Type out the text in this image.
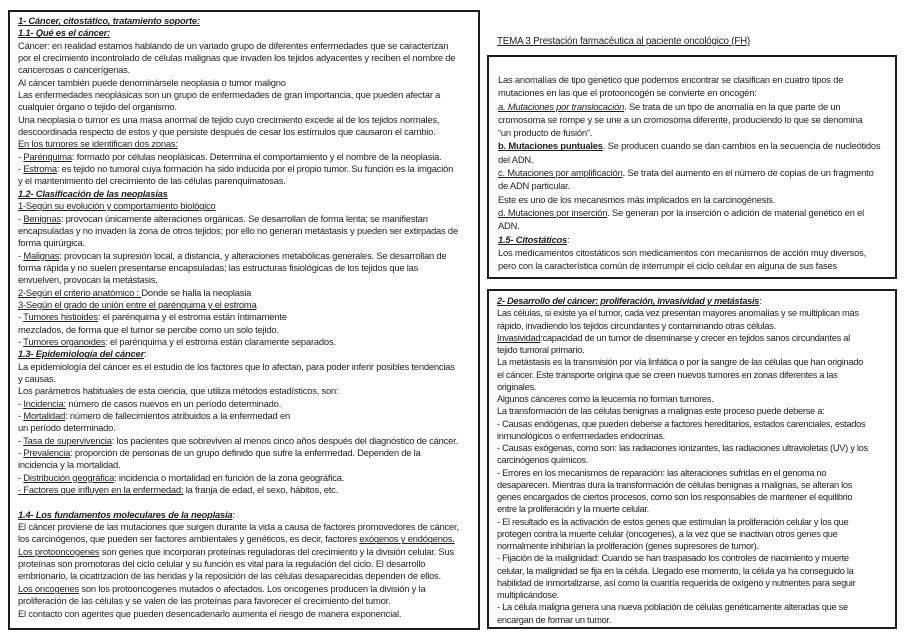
1- Cáncer, citostático, tratamiento soporte:
1.1- Qué es el cáncer:
Cáncer: en realidad estamos hablando de un variado grupo de diferentes enfermedades que se caracterizan
por el crecimiento incontrolado de células malignas que invaden los tejidos adyacentes y reciben el nombre de
cancerosas o cancerígenas.
Al cáncer también puede denominársele neoplasia o tumor maligno
Las enfermedades neoplásicas son un grupo de enfermedades de gran importancia, que pueden afectar a
cualquier órgano o tejido del organismo.
Una neoplasia o tumor es una masa anormal de tejido cuyo crecimiento excede al de los tejidos normales,
descoordinada respecto de estos y que persiste después de cesar los estímulos que causaron el cambio.
En los tumores se identifican dos zonas:
- Parénquima: formado por células neoplásicas. Determina el comportamiento y el nombre de la neoplasia.
- Estroma: es tejido no tumoral cuya formación ha sido inducida por el propio tumor. Su función es la irrigación
y el mantenimiento del crecimiento de las células parenquimatosas.
1.2- Clasificación de las neoplasias
1-Según su evolución y comportamiento biológico
- Benignas: provocan únicamente alteraciones orgánicas. Se desarrollan de forma lenta; se manifiestan
encapsuladas y no invaden la zona de otros tejidos; por ello no generan metástasis y pueden ser extirpadas de
forma quirúrgica.
- Malignas: provocan la supresión local, a distancia, y alteraciones metabólicas generales. Se desarrollan de
forma rápida y no suelen presentarse encapsuladas; las estructuras fisiológicas de los tejidos que las
envuelven, provocan la metástasis.
2-Según el criterio anatómico : Donde se halla la neoplasia
3-Según el grado de unión entre el parénquima y el estroma
- Tumores histioides: el parénquima y el estroma están íntimamente
mezclados, de forma que el tumor se percibe como un solo tejido.
- Tumores organoides: el parénquima y el estroma están claramente separados.
1.3- Epidemiología del cáncer:
La epidemiología del cáncer es el estudio de los factores que lo afectan, para poder inferir posibles tendencias
y causas.
Los parámetros habituales de esta ciencia, que utiliza métodos estadísticos, son:
- Incidencia: número de casos nuevos en un período determinado.
- Mortalidad: número de fallecimientos atribuidos a la enfermedad en
un período determinado.
- Tasa de supervivencia: los pacientes que sobreviven al menos cinco años después del diagnóstico de cáncer.
- Prevalencia: proporción de personas de un grupo definido que sufre la enfermedad. Dependen de la
incidencia y la mortalidad.
- Distribución geográfica: incidencia o mortalidad en función de la zona geográfica.
- Factores que influyen en la enfermedad: la franja de edad, el sexo, hábitos, etc.

1.4- Los fundamentos moleculares de la neoplasia:
El cáncer proviene de las mutaciones que surgen durante la vida a causa de factores promovedores de cáncer,
los carcinógenos, que pueden ser factores ambientales y genéticos, es decir, factores exógenos y endógenos.
Los protooncogenes son genes que incorporan proteínas reguladoras del crecimiento y la división celular. Sus
proteínas son promotoras del ciclo celular y su función es vital para la regulación del ciclo. El desarrollo
embrionario, la cicatrización de las heridas y la reposición de las células desaparecidas dependen de ellos.
Los oncogenes son los protooncogenes mutados o afectados. Los oncogenes producen la división y la
proliferación de las células y se valen de las proteínas para favorecer el crecimiento del tumor.
El contacto con agentes que pueden desencadenarlo aumenta el riesgo de manera exponencial.
TEMA 3 Prestación farmacéutica al paciente oncológico (FH)
Las anomalías de tipo genético que podemos encontrar se clasifican en cuatro tipos de
mutaciones en las que el protooncogén se convierte en oncogén:
a. Mutaciones por translocación. Se trata de un tipo de anomalía en la que parte de un
cromosoma se rompe y se une a un cromosoma diferente, produciendo lo que se denomina
“un producto de fusión”.
b. Mutaciones puntuales. Se producen cuando se dan cambios en la secuencia de nucleótidos
del ADN.
c. Mutaciones por amplificación. Se trata del aumento en el número de copias de un fragmento
de ADN particular.
Este es uno de los mecanismos más implicados en la carcinogénesis.
d. Mutaciones por inserción. Se generan por la inserción o adición de material genético en el
ADN.
1.5- Citostáticos:
Los medicamentos citostáticos son medicamentos con mecanismos de acción muy diversos,
pero con la característica común de interrumpir el ciclo celular en alguna de sus fases
2- Desarrollo del cáncer: proliferación, invasividad y metástasis:
Las células, si existe ya el tumor, cada vez presentan mayores anomalías y se multiplican más
rápido, invadiendo los tejidos circundantes y contaminando otras células.
Invasividad:capacidad de un tumor de diseminarse y crecer en tejidos sanos circundantes al
tejido tumoral primario.
La metástasis es la transmisión por vía linfática o por la sangre de las células que han originado
el cáncer. Este transporte origina que se creen nuevos tumores en zonas diferentes a las
originales.
Algunos cánceres como la leucemia no forman tumores.
La transformación de las células benignas a malignas este proceso puede deberse a:
- Causas endógenas, que pueden deberse a factores hereditarios, estados carenciales, estados
inmunológicos o enfermedades endocrinas.
- Causas exógenas, como son: las radiaciones ionizantes, las radiaciones ultravioletas (UV) y los
carcinógenos químicos.
- Errores en los mecanismos de reparación: las alteraciones sufridas en el genoma no
desaparecen. Mientras dura la transformación de células benignas a malignas, se alteran los
genes encargados de ciertos procesos, como son los responsables de mantener el equilibrio
entre la proliferación y la muerte celular.
- El resultado es la activación de estos genes que estimulan la proliferación celular y los que
protegen contra la muerte celular (oncogenes), a la vez que se inactivan otros genes que
normalmente inhibirían la proliferación (genes supresores de tumor).
- Fijación de la malignidad: Cuando se han traspasado los controles de nacimiento y muerte
celular, la malignidad se fija en la célula. Llegado ese momento, la célula ya ha conseguido la
habilidad de inmortalizarse, así como la cuantía requerida de oxígeno y nutrientes para seguir
multiplicándose.
- La célula maligna genera una nueva población de células genéticamente alteradas que se
encargan de formar un tumor.
